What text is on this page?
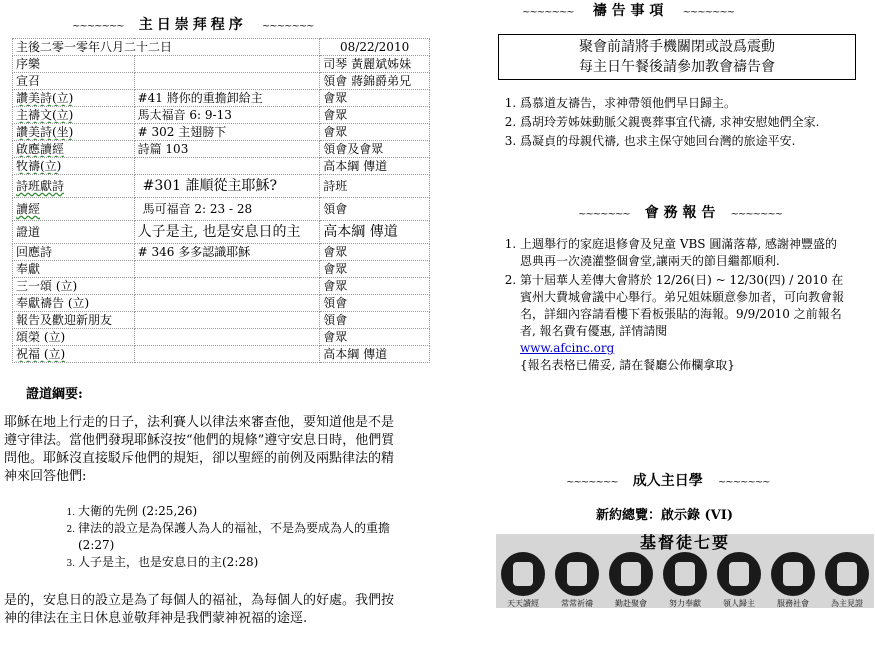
~~~~~~~ 主日崇拜程序 ~~~~~~~
主後二零一零年八月二十二日		08/22/2010
序樂		司琴 黃麗斌姊妹
宣召		領會 蔣錦爵弟兄
讚美詩(立)	#41 將你的重擔卸給主	會眾
主禱文(立)	馬太福音 6: 9-13	會眾
讚美詩(坐)	# 302 主翅膀下	會眾
啟應讀經	詩篇 103	領會及會眾
牧禱(立)		高本綱 傳道
詩班獻詩	#301 誰順從主耶穌?	詩班
讀經	馬可福音 2: 23 - 28	領會
證道	人子是主, 也是安息日的主	高本綱 傳道
回應詩	# 346 多多認識耶穌	會眾
奉獻		會眾
三一頌 (立)		會眾
奉獻禱告 (立)		領會
報告及歡迎新朋友		領會
頌榮 (立)		會眾
祝福 (立)		高本綱 傳道
證道綱要:
耶穌在地上行走的日子，法利賽人以律法來審查他，要知道他是不是遵守律法。當他們發現耶穌沒按“他們的規條”遵守安息日時，他們質問他。耶穌沒直接駁斥他們的規矩，卻以聖經的前例及兩點律法的精神來回答他們:
1. 大衛的先例 (2:25,26)
2. 律法的設立是為保護人為人的福祉，不是為要成為人的重擔 (2:27)
3. 人子是主，也是安息日的主(2:28)
是的，安息日的設立是為了每個人的福祉，為每個人的好處。我們按神的律法在主日休息並敬拜神是我們蒙神祝福的途逕.
~~~~~~~ 禱 告 事 項 ~~~~~~~
聚會前請將手機關閉或設爲震動
每主日午餐後請參加教會禱告會
1. 爲慕道友禱告，求神帶領他們早日歸主。
2. 爲胡玲芳姊妹動脈父親喪葬事宜代禱, 求神安慰她們全家.
3. 爲凝貞的母親代禱, 也求主保守她回台灣的旅途平安.
~~~~~~~ 會 務 報 告 ~~~~~~~
1. 上週舉行的家庭退修會及兒童 VBS 圓滿落幕, 感謝神豐盛的恩典再一次澆灌整個會堂,讓兩天的節目繼都順利.
2. 第十屆華人差傳大會將於 12/26(日) ~ 12/30(四) / 2010 在賓州大費城會議中心舉行。弟兄姐妹願意參加者，可向教會報名，詳細內容請看樓下看板張貼的海報。9/9/2010 之前報名者, 報名費有優惠, 詳情請閱
www.afcinc.org
{報名表格已備妥, 請在餐廳公佈欄拿取}
~~~~~~~ 成人主日學 ~~~~~~~
新約總覽：啟示錄 (VI)
基督徒七要
天天讀經	常常祈禱	勤赴聚會	努力奉獻	領人歸主	服務社會	為主見證
